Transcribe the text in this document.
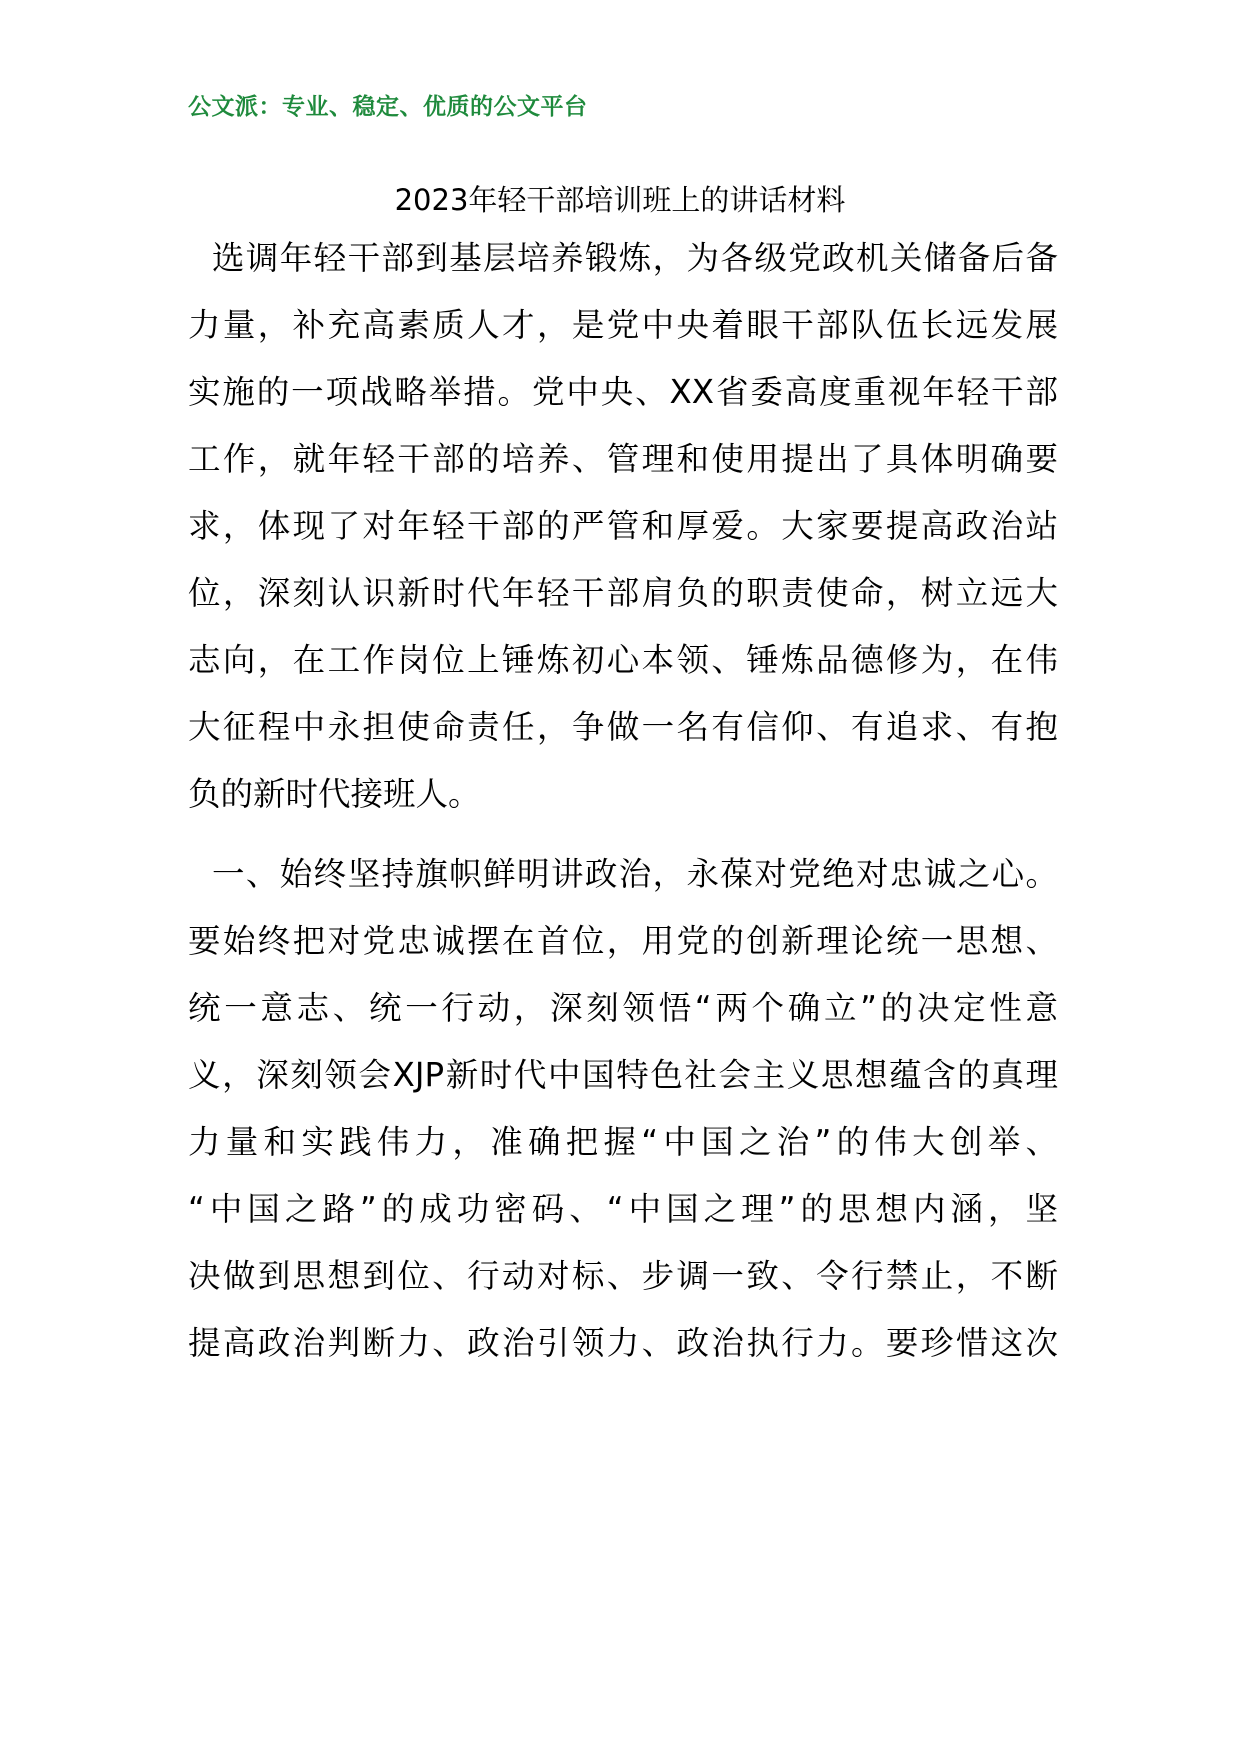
公文派：专业、稳定、优质的公文平台
2023年轻干部培训班上的讲话材料
选调年轻干部到基层培养锻炼，为各级党政机关储备后备
力量，补充高素质人才，是党中央着眼干部队伍长远发展
实施的一项战略举措。党中央、XX省委高度重视年轻干部
工作，就年轻干部的培养、管理和使用提出了具体明确要
求，体现了对年轻干部的严管和厚爱。大家要提高政治站
位，深刻认识新时代年轻干部肩负的职责使命，树立远大
志向，在工作岗位上锤炼初心本领、锤炼品德修为，在伟
大征程中永担使命责任，争做一名有信仰、有追求、有抱
负的新时代接班人。
一、始终坚持旗帜鲜明讲政治，永葆对党绝对忠诚之心。
要始终把对党忠诚摆在首位，用党的创新理论统一思想、
统一意志、统一行动，深刻领悟“两个确立”的决定性意
义，深刻领会XJP新时代中国特色社会主义思想蕴含的真理
力量和实践伟力，准确把握“中国之治”的伟大创举、
“中国之路”的成功密码、“中国之理”的思想内涵，坚
决做到思想到位、行动对标、步调一致、令行禁止，不断
提高政治判断力、政治引领力、政治执行力。要珍惜这次
